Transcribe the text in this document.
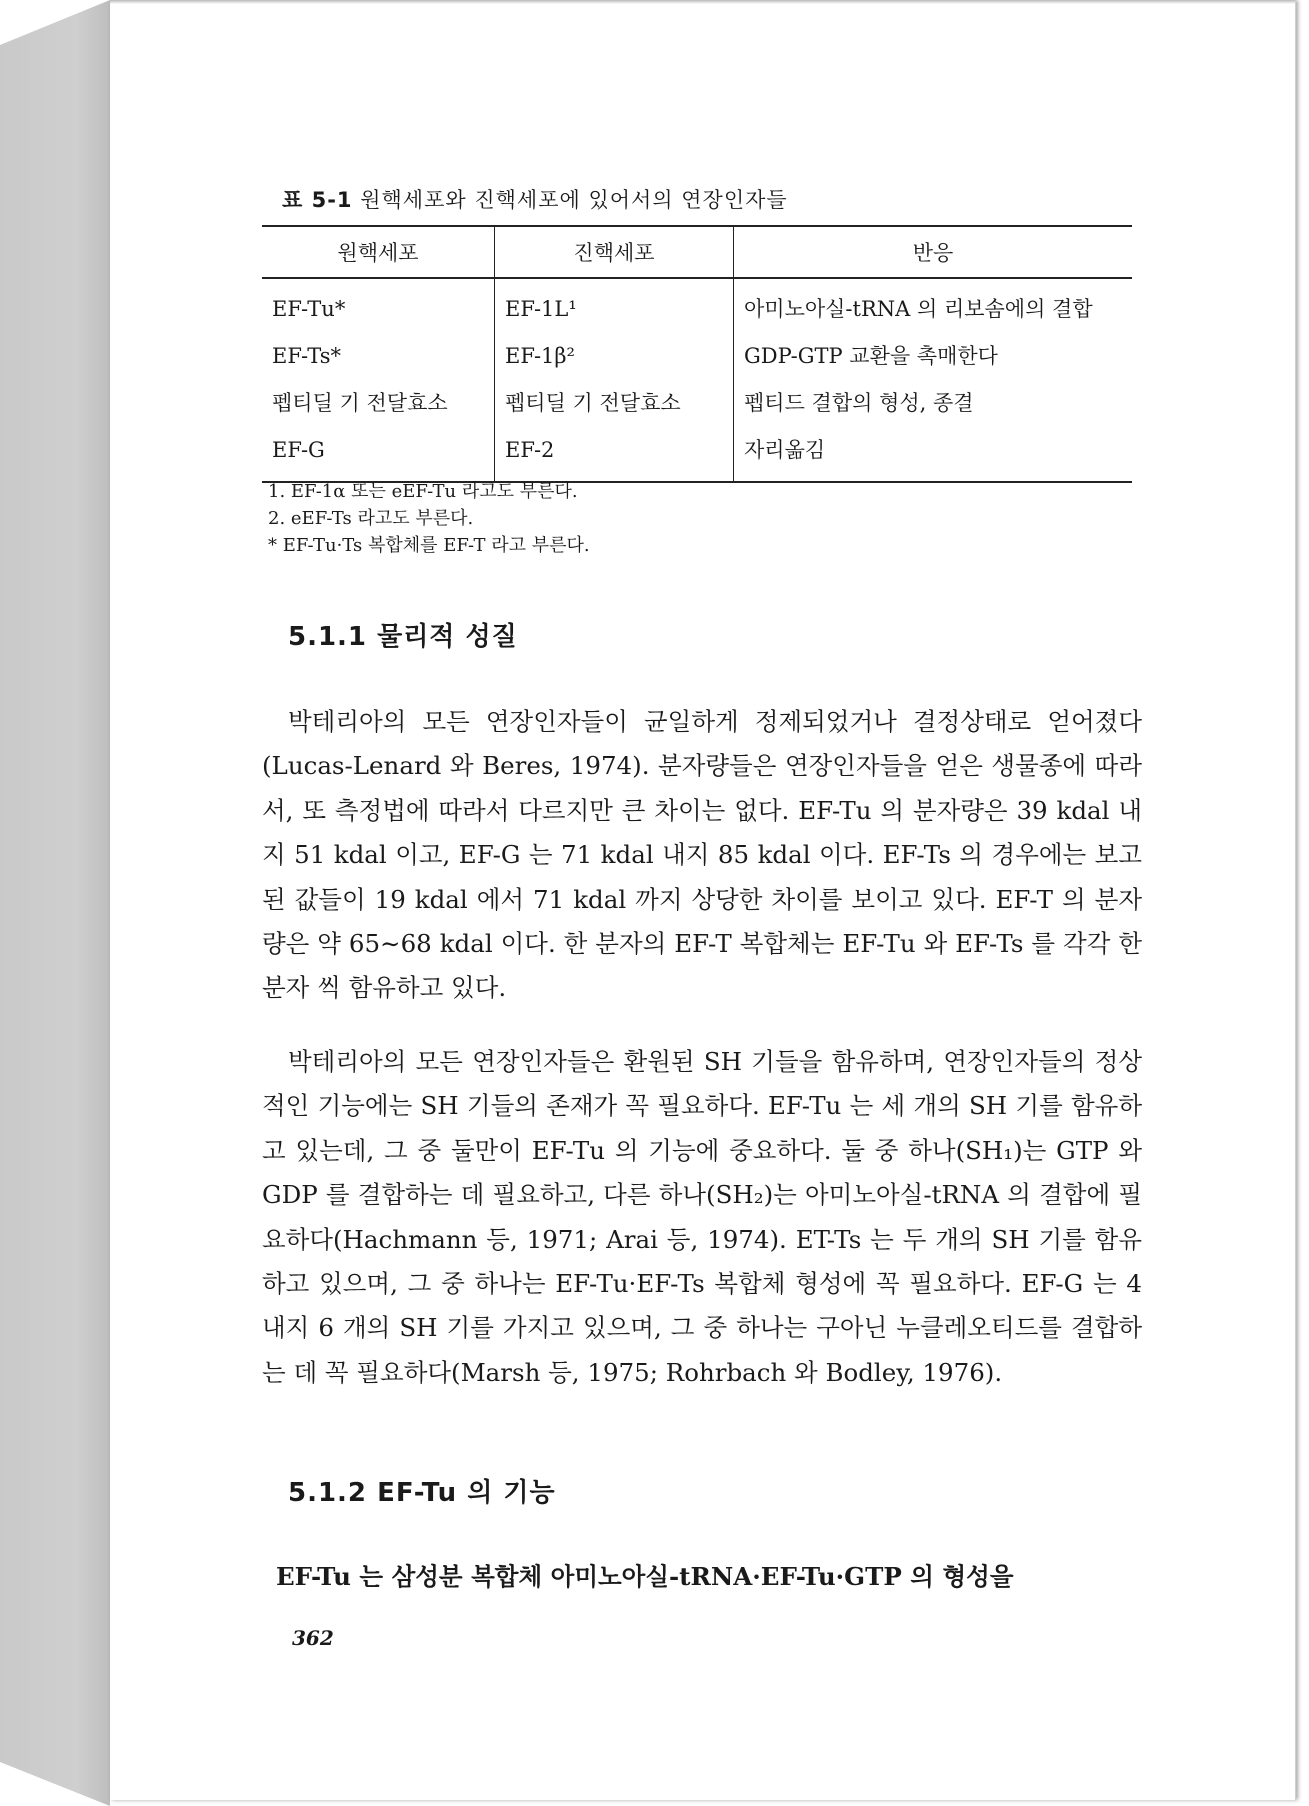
표 5-1 원핵세포와 진핵세포에 있어서의 연장인자들
원핵세포	진핵세포	반응
EF-Tu*	EF-1L¹	아미노아실-tRNA 의 리보솜에의 결합
EF-Ts*	EF-1β²	GDP-GTP 교환을 촉매한다
펩티딜 기 전달효소	펩티딜 기 전달효소	펩티드 결합의 형성, 종결
EF-G	EF-2	자리옮김
1. EF-1α 또는 eEF-Tu 라고도 부른다.
2. eEF-Ts 라고도 부른다.
* EF-Tu·Ts 복합체를 EF-T 라고 부른다.
5.1.1 물리적 성질

박테리아의 모든 연장인자들이 균일하게 정제되었거나 결정상태로 얻어졌다(Lucas-Lenard 와 Beres, 1974). 분자량들은 연장인자들을 얻은 생물종에 따라서, 또 측정법에 따라서 다르지만 큰 차이는 없다. EF-Tu 의 분자량은 39 kdal 내지 51 kdal 이고, EF-G 는 71 kdal 내지 85 kdal 이다. EF-Ts 의 경우에는 보고된 값들이 19 kdal 에서 71 kdal 까지 상당한 차이를 보이고 있다. EF-T 의 분자량은 약 65∼68 kdal 이다. 한 분자의 EF-T 복합체는 EF-Tu 와 EF-Ts 를 각각 한 분자 씩 함유하고 있다.

박테리아의 모든 연장인자들은 환원된 SH 기들을 함유하며, 연장인자들의 정상적인 기능에는 SH 기들의 존재가 꼭 필요하다. EF-Tu 는 세 개의 SH 기를 함유하고 있는데, 그 중 둘만이 EF-Tu 의 기능에 중요하다. 둘 중 하나(SH₁)는 GTP 와 GDP 를 결합하는 데 필요하고, 다른 하나(SH₂)는 아미노아실-tRNA 의 결합에 필요하다(Hachmann 등, 1971; Arai 등, 1974). ET-Ts 는 두 개의 SH 기를 함유하고 있으며, 그 중 하나는 EF-Tu·EF-Ts 복합체 형성에 꼭 필요하다. EF-G 는 4 내지 6 개의 SH 기를 가지고 있으며, 그 중 하나는 구아닌 누클레오티드를 결합하는 데 꼭 필요하다(Marsh 등, 1975; Rohrbach 와 Bodley, 1976).

5.1.2 EF-Tu 의 기능

EF-Tu 는 삼성분 복합체 아미노아실-tRNA·EF-Tu·GTP 의 형성을

362
